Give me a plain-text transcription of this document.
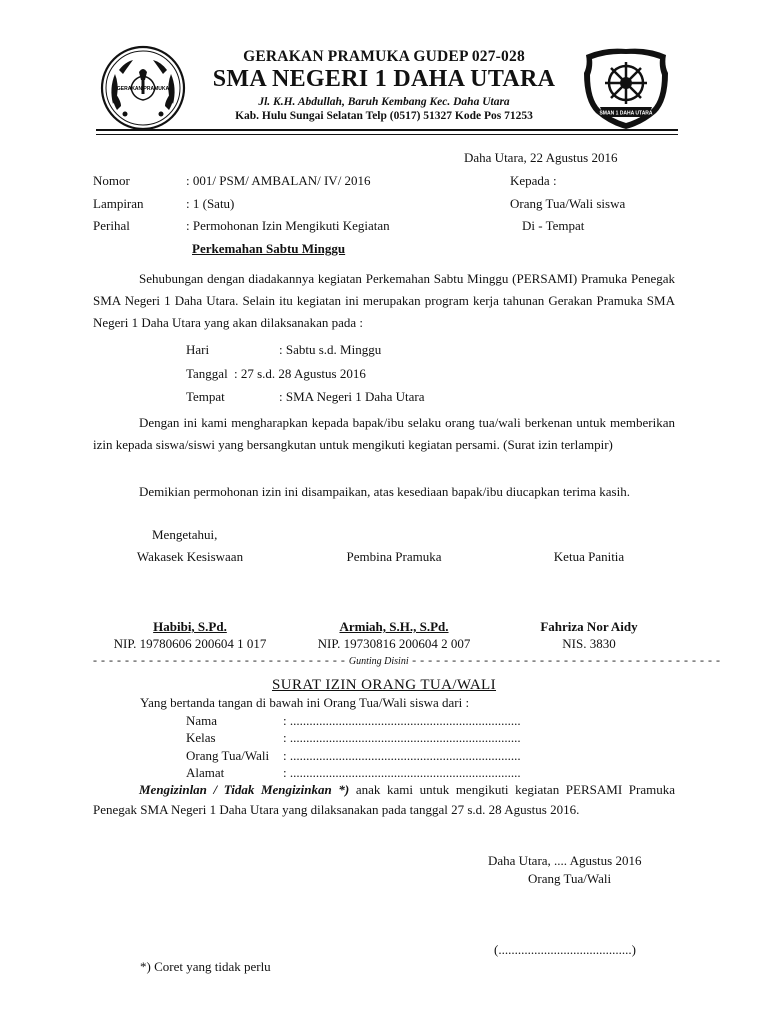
GERAKAN PRAMUKA
SMAN 1 DAHA UTARA
GERAKAN PRAMUKA GUDEP 027-028
SMA NEGERI 1 DAHA UTARA
Jl. K.H. Abdullah, Baruh Kembang Kec. Daha Utara
Kab. Hulu Sungai Selatan Telp (0517) 51327 Kode Pos 71253
Daha Utara, 22 Agustus 2016
Nomor	: 001/ PSM/ AMBALAN/ IV/ 2016	Kepada :
Lampiran	: 1 (Satu)	Orang Tua/Wali siswa
Perihal	: Permohonan Izin Mengikuti Kegiatan	Di - Tempat
Perkemahan Sabtu Minggu
Sehubungan dengan diadakannya kegiatan Perkemahan Sabtu Minggu (PERSAMI) Pramuka Penegak SMA Negeri 1 Daha Utara. Selain itu kegiatan ini merupakan program kerja tahunan Gerakan Pramuka SMA Negeri 1 Daha Utara yang akan dilaksanakan pada :
Hari	: Sabtu s.d. Minggu
Tanggal : 27 s.d. 28 Agustus 2016
Tempat	: SMA Negeri 1 Daha Utara
Dengan ini kami mengharapkan kepada bapak/ibu selaku orang tua/wali berkenan untuk memberikan izin kepada siswa/siswi yang bersangkutan untuk mengikuti kegiatan persami. (Surat izin terlampir)
Demikian permohonan izin ini disampaikan, atas kesediaan bapak/ibu diucapkan terima kasih.
Mengetahui,
Wakasek Kesiswaan	Pembina Pramuka	Ketua Panitia
Habibi, S.Pd.	Armiah, S.H., S.Pd.	Fahriza Nor Aidy
NIP. 19780606 200604 1 017	NIP. 19730816 200604 2 007	NIS. 3830
- - - - - - - - - - - - - - - - - - - - - - - - - - - - - - - - Gunting Disini - - - - - - - - - - - - - - - - - - - - - - - - - - - - - - - - - - - - - - -
SURAT IZIN ORANG TUA/WALI
Yang bertanda tangan di bawah ini Orang Tua/Wali siswa dari :
Nama	: .......................................................................
Kelas	: .......................................................................
Orang Tua/Wali : .......................................................................
Alamat	: .......................................................................
Mengizinlan / Tidak Mengizinkan *) anak kami untuk mengikuti kegiatan PERSAMI Pramuka Penegak SMA Negeri 1 Daha Utara yang dilaksanakan pada tanggal 27 s.d. 28 Agustus 2016.
Daha Utara, .... Agustus 2016
Orang Tua/Wali
(.........................................)
*) Coret yang tidak perlu
